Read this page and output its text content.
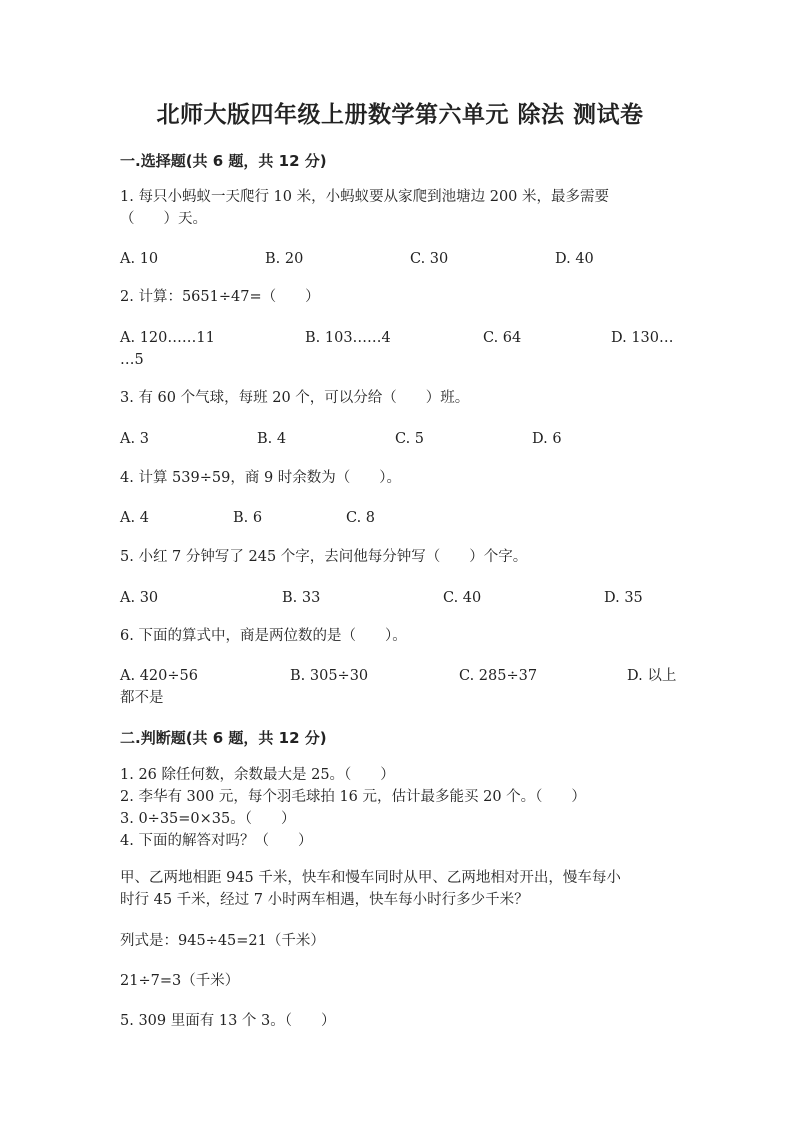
北师大版四年级上册数学第六单元 除法 测试卷
一.选择题(共 6 题，共 12 分)
1. 每只小蚂蚁一天爬行 10 米，小蚂蚁要从家爬到池塘边 200 米，最多需要
（　　）天。
A. 10	B. 20	C. 30	D. 40
2. 计算：5651÷47=（　　）
A. 120……11	B. 103……4	C. 64	D. 130…
…5
3. 有 60 个气球，每班 20 个，可以分给（　　）班。
A. 3	B. 4	C. 5	D. 6
4. 计算 539÷59，商 9 时余数为（　　）。
A. 4	B. 6	C. 8
5. 小红 7 分钟写了 245 个字，去问他每分钟写（　　）个字。
A. 30	B. 33	C. 40	D. 35
6. 下面的算式中，商是两位数的是（　　）。
A. 420÷56	B. 305÷30	C. 285÷37	D. 以上
都不是
二.判断题(共 6 题，共 12 分)
1. 26 除任何数，余数最大是 25。（　　）
2. 李华有 300 元，每个羽毛球拍 16 元，估计最多能买 20 个。（　　）
3. 0÷35=0×35。（　　）
4. 下面的解答对吗？（　　）
甲、乙两地相距 945 千米，快车和慢车同时从甲、乙两地相对开出，慢车每小
时行 45 千米，经过 7 小时两车相遇，快车每小时行多少千米？
列式是：945÷45=21（千米）
21÷7=3（千米）
5. 309 里面有 13 个 3。（　　）
